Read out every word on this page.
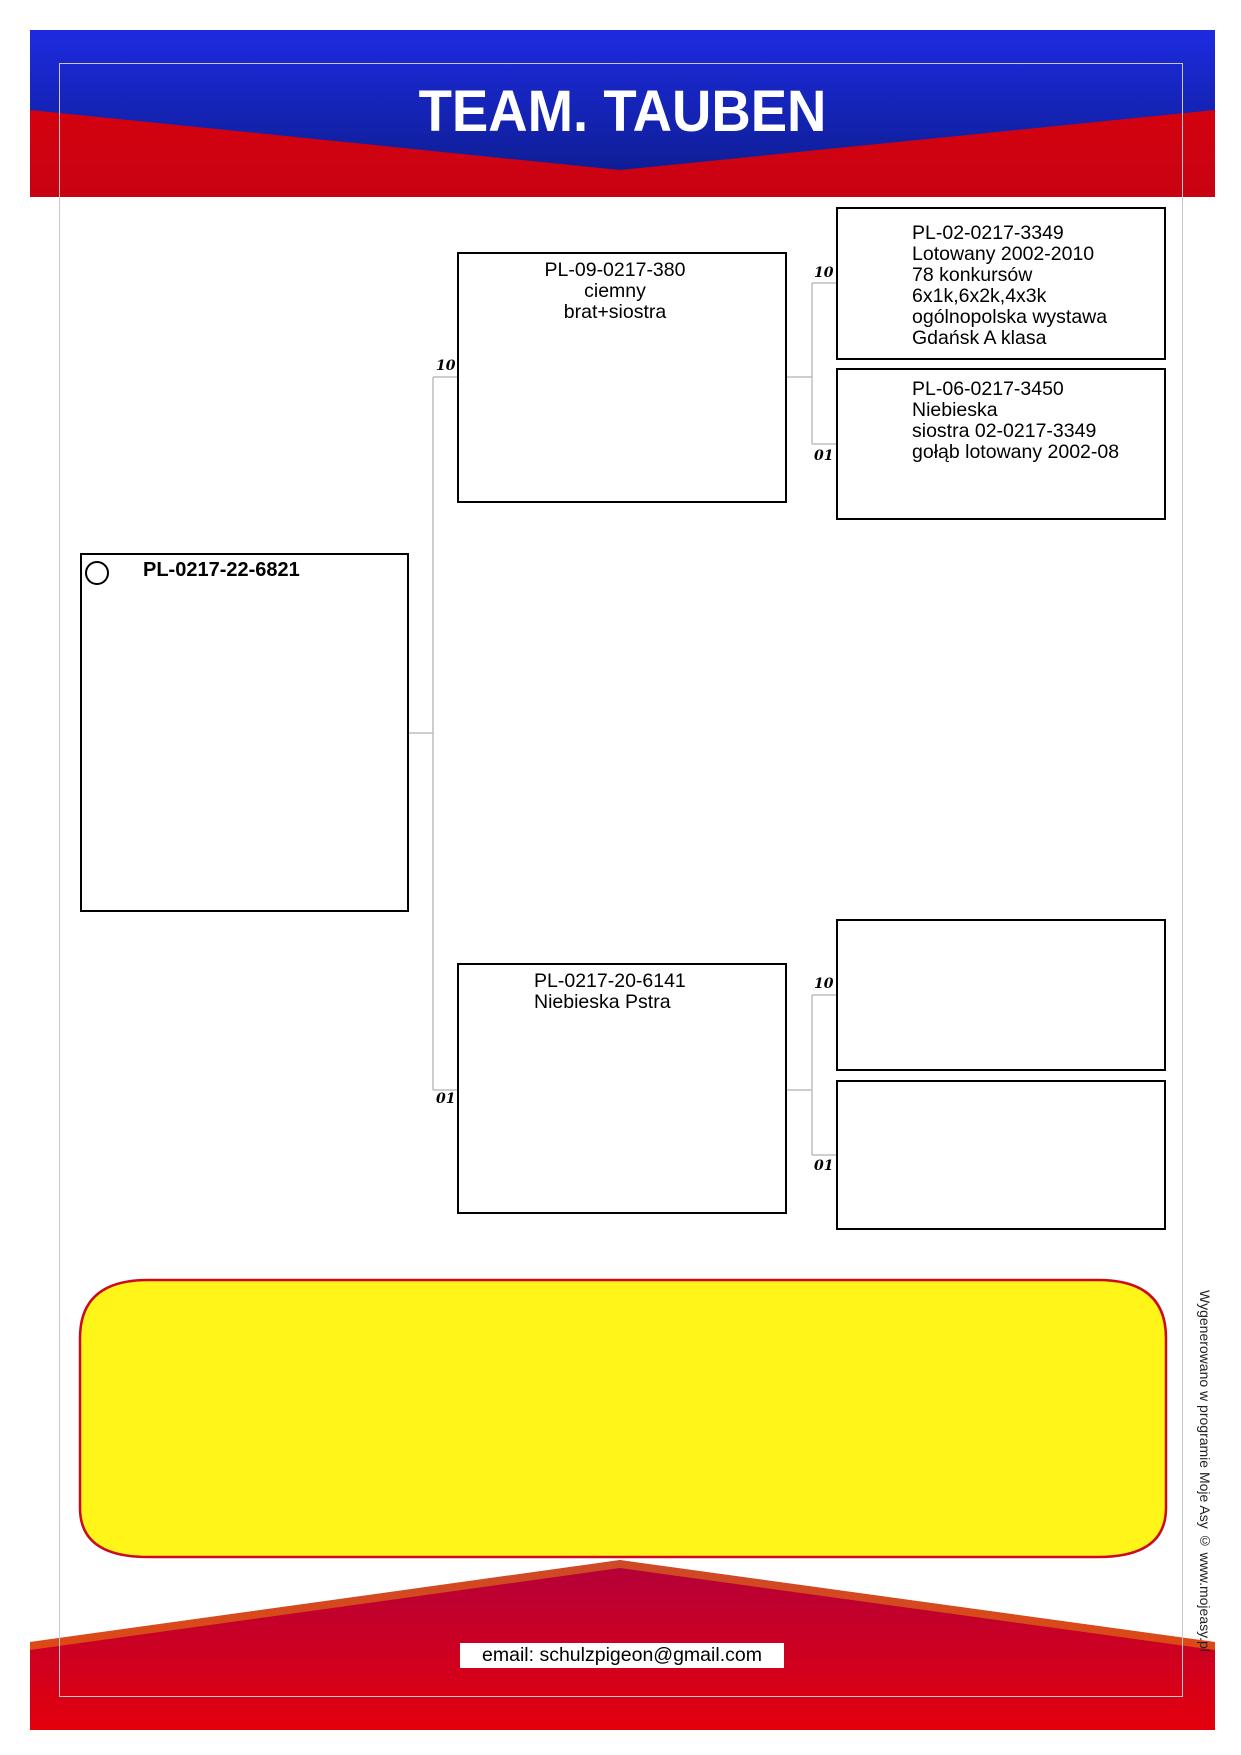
TEAM. TAUBEN
10
01
10
01
10
01
PL-0217-22-6821
PL-09-0217-380
ciemny
brat+siostra
PL-0217-20-6141
Niebieska Pstra
PL-02-0217-3349
Lotowany 2002-2010
78 konkursów
6x1k,6x2k,4x3k
ogólnopolska wystawa
Gdańsk A klasa
PL-06-0217-3450
Niebieska
siostra 02-0217-3349
gołąb lotowany 2002-08
email: schulzpigeon@gmail.com
Wygenerowano w programie Moje Asy © www.mojeasy.pl
